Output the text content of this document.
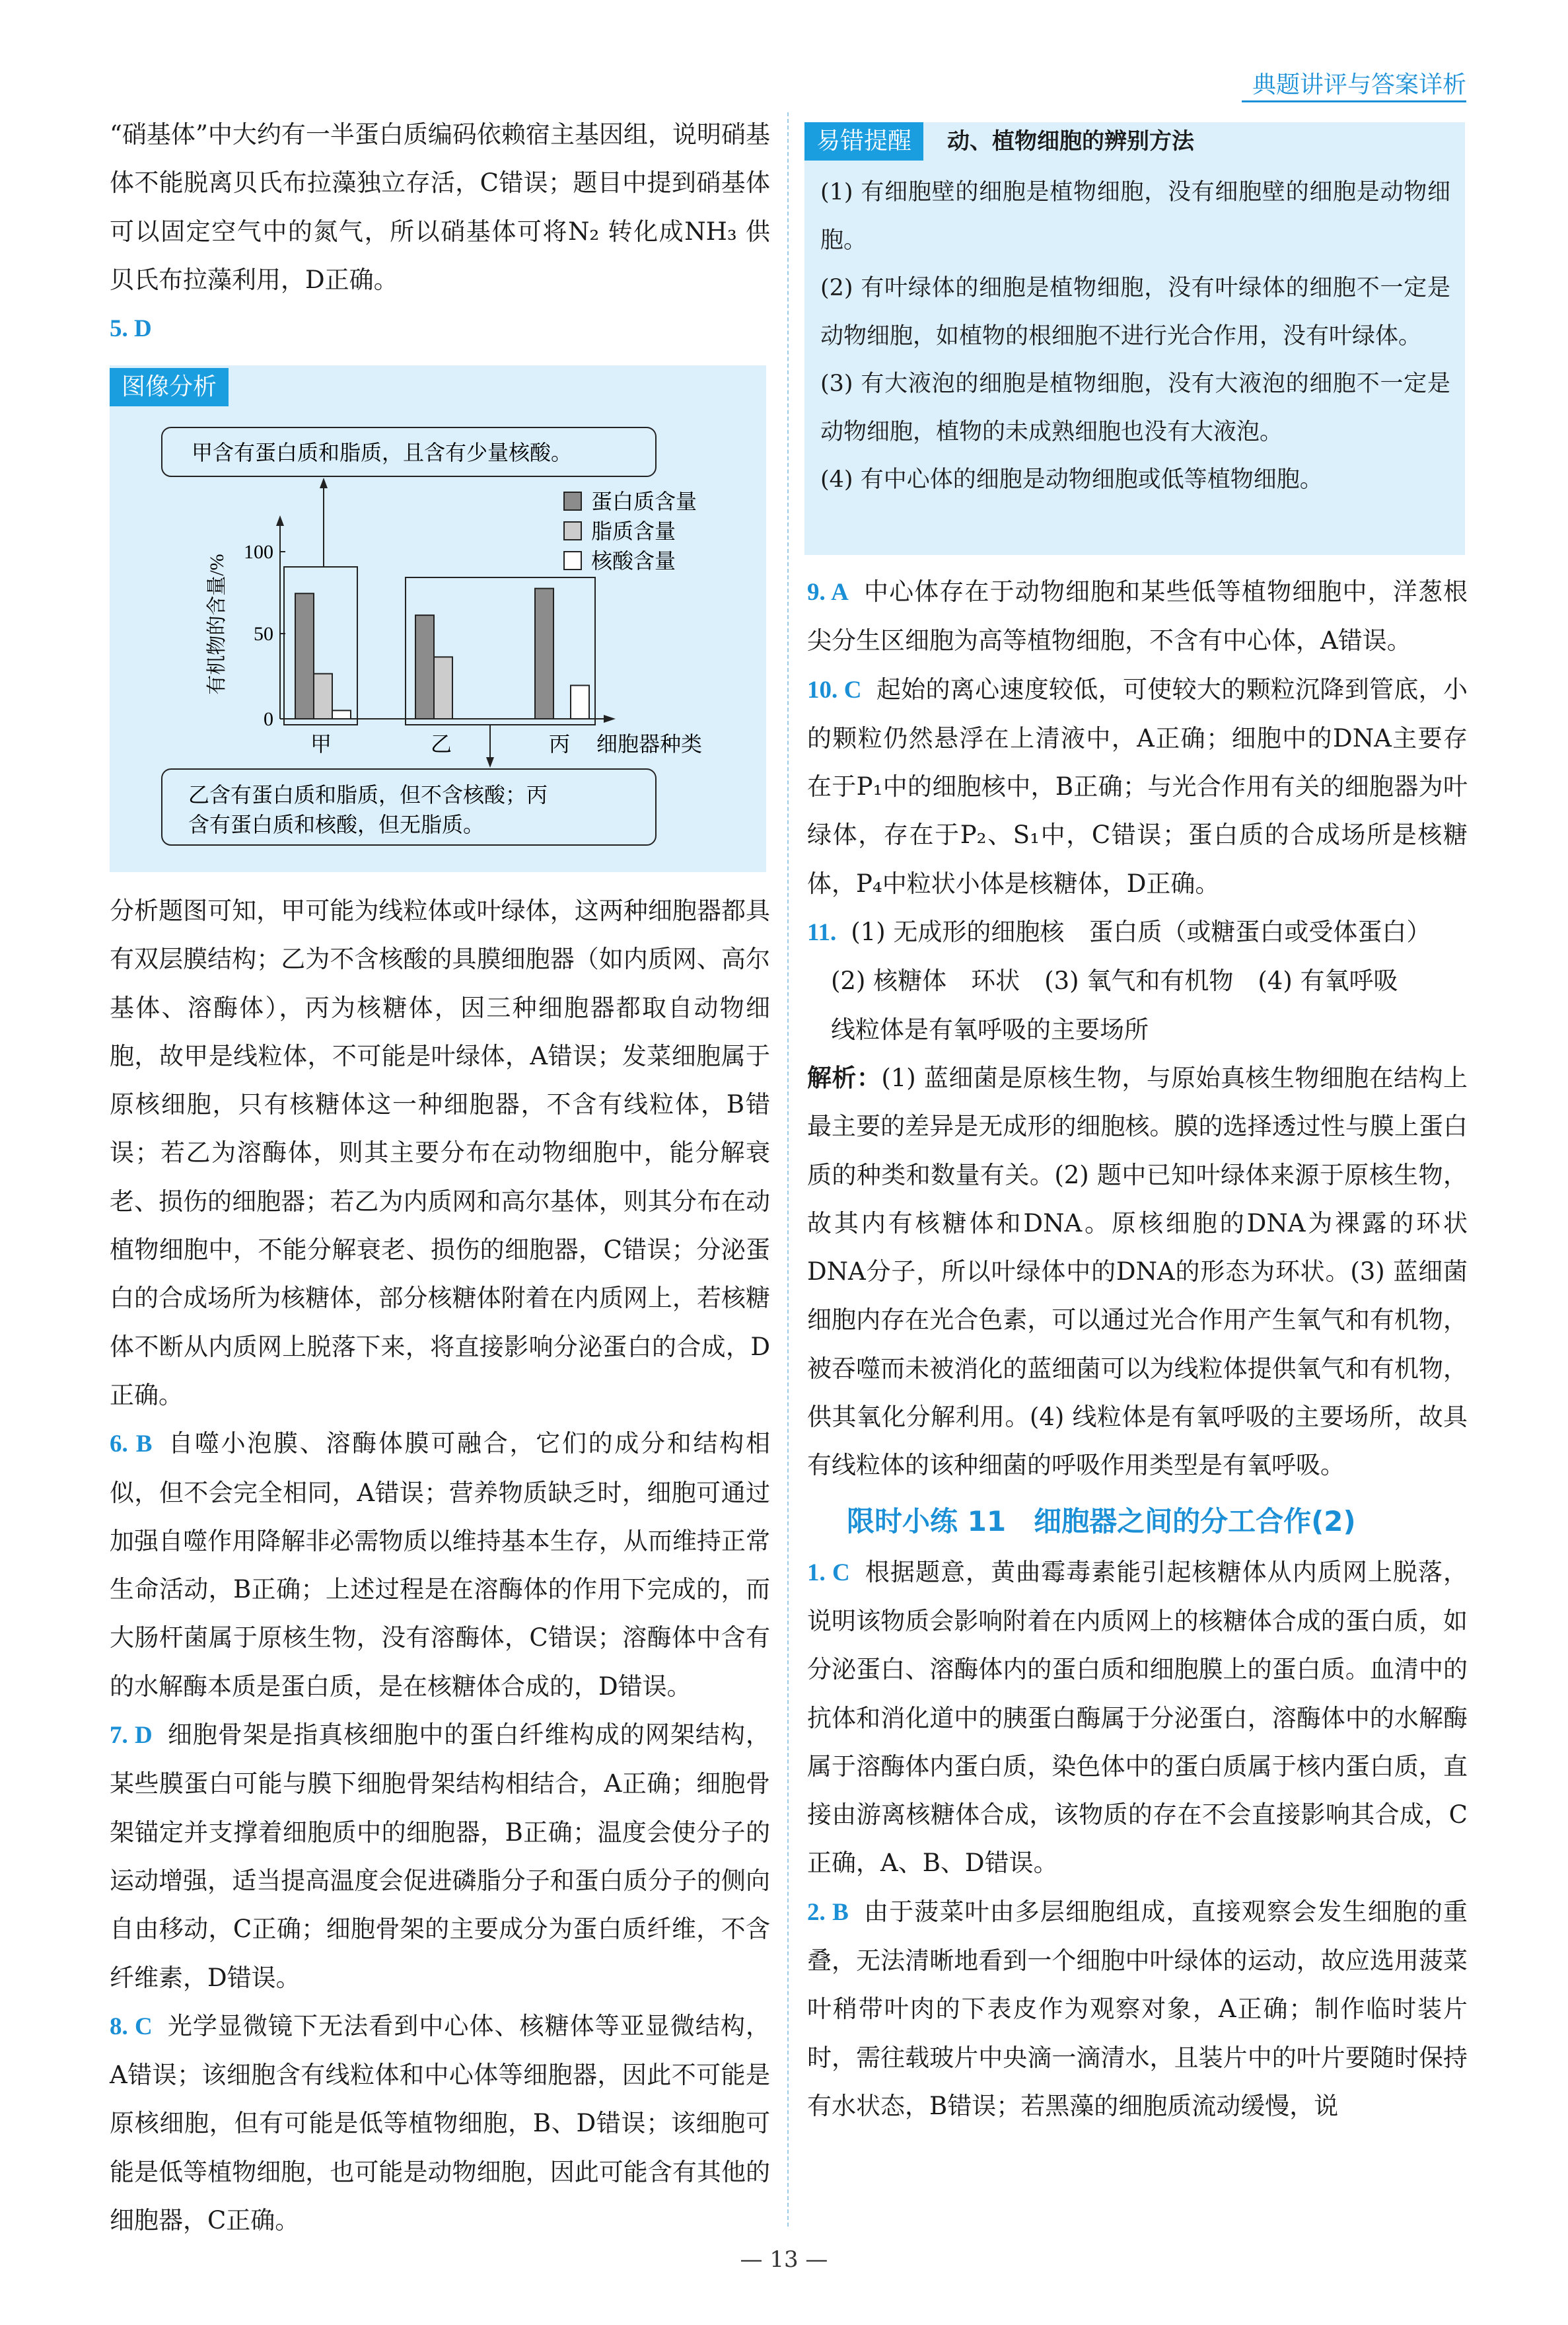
典题讲评与答案详析

“硝基体”中大约有一半蛋白质编码依赖宿主基因组，说明硝基体不能脱离贝氏布拉藻独立存活，C错误；题目中提到硝基体可以固定空气中的氮气，所以硝基体可将N₂ 转化成NH₃ 供贝氏布拉藻利用，D正确。

5. D

图像分析
甲含有蛋白质和脂质，且含有少量核酸。
0
50
100
有机物的含量/%
甲	乙	丙 细胞器种类
蛋白质含量
脂质含量
核酸含量
乙含有蛋白质和脂质，但不含核酸；丙
含有蛋白质和核酸，但无脂质。

分析题图可知，甲可能为线粒体或叶绿体，这两种细胞器都具有双层膜结构；乙为不含核酸的具膜细胞器（如内质网、高尔基体、溶酶体），丙为核糖体，因三种细胞器都取自动物细胞，故甲是线粒体，不可能是叶绿体，A错误；发菜细胞属于原核细胞，只有核糖体这一种细胞器，不含有线粒体，B错误；若乙为溶酶体，则其主要分布在动物细胞中，能分解衰老、损伤的细胞器；若乙为内质网和高尔基体，则其分布在动植物细胞中，不能分解衰老、损伤的细胞器，C错误；分泌蛋白的合成场所为核糖体，部分核糖体附着在内质网上，若核糖体不断从内质网上脱落下来，将直接影响分泌蛋白的合成，D正确。

6. B 自噬小泡膜、溶酶体膜可融合，它们的成分和结构相似，但不会完全相同，A错误；营养物质缺乏时，细胞可通过加强自噬作用降解非必需物质以维持基本生存，从而维持正常生命活动，B正确；上述过程是在溶酶体的作用下完成的，而大肠杆菌属于原核生物，没有溶酶体，C错误；溶酶体中含有的水解酶本质是蛋白质，是在核糖体合成的，D错误。

7. D 细胞骨架是指真核细胞中的蛋白纤维构成的网架结构，某些膜蛋白可能与膜下细胞骨架结构相结合，A正确；细胞骨架锚定并支撑着细胞质中的细胞器，B正确；温度会使分子的运动增强，适当提高温度会促进磷脂分子和蛋白质分子的侧向自由移动，C正确；细胞骨架的主要成分为蛋白质纤维，不含纤维素，D错误。

8. C 光学显微镜下无法看到中心体、核糖体等亚显微结构，A错误；该细胞含有线粒体和中心体等细胞器，因此不可能是原核细胞，但有可能是低等植物细胞，B、D错误；该细胞可能是低等植物细胞，也可能是动物细胞，因此可能含有其他的细胞器，C正确。

易错提醒 动、植物细胞的辨别方法
(1) 有细胞壁的细胞是植物细胞，没有细胞壁的细胞是动物细胞。
(2) 有叶绿体的细胞是植物细胞，没有叶绿体的细胞不一定是动物细胞，如植物的根细胞不进行光合作用，没有叶绿体。
(3) 有大液泡的细胞是植物细胞，没有大液泡的细胞不一定是动物细胞，植物的未成熟细胞也没有大液泡。
(4) 有中心体的细胞是动物细胞或低等植物细胞。

9. A 中心体存在于动物细胞和某些低等植物细胞中，洋葱根尖分生区细胞为高等植物细胞，不含有中心体，A错误。

10. C 起始的离心速度较低，可使较大的颗粒沉降到管底，小的颗粒仍然悬浮在上清液中，A正确；细胞中的DNA主要存在于P₁中的细胞核中，B正确；与光合作用有关的细胞器为叶绿体，存在于P₂、S₁中，C错误；蛋白质的合成场所是核糖体，P₄中粒状小体是核糖体，D正确。

11. (1) 无成形的细胞核　蛋白质（或糖蛋白或受体蛋白）

(2) 核糖体　环状　(3) 氧气和有机物　(4) 有氧呼吸

线粒体是有氧呼吸的主要场所

解析：(1) 蓝细菌是原核生物，与原始真核生物细胞在结构上最主要的差异是无成形的细胞核。膜的选择透过性与膜上蛋白质的种类和数量有关。(2) 题中已知叶绿体来源于原核生物，故其内有核糖体和DNA。原核细胞的DNA为裸露的环状DNA分子，所以叶绿体中的DNA的形态为环状。(3) 蓝细菌细胞内存在光合色素，可以通过光合作用产生氧气和有机物，被吞噬而未被消化的蓝细菌可以为线粒体提供氧气和有机物，供其氧化分解利用。(4) 线粒体是有氧呼吸的主要场所，故具有线粒体的该种细菌的呼吸作用类型是有氧呼吸。

限时小练 11　细胞器之间的分工合作(2)

1. C 根据题意，黄曲霉毒素能引起核糖体从内质网上脱落，说明该物质会影响附着在内质网上的核糖体合成的蛋白质，如分泌蛋白、溶酶体内的蛋白质和细胞膜上的蛋白质。血清中的抗体和消化道中的胰蛋白酶属于分泌蛋白，溶酶体中的水解酶属于溶酶体内蛋白质，染色体中的蛋白质属于核内蛋白质，直接由游离核糖体合成，该物质的存在不会直接影响其合成，C正确，A、B、D错误。

2. B 由于菠菜叶由多层细胞组成，直接观察会发生细胞的重叠，无法清晰地看到一个细胞中叶绿体的运动，故应选用菠菜叶稍带叶肉的下表皮作为观察对象，A正确；制作临时装片时，需往载玻片中央滴一滴清水，且装片中的叶片要随时保持有水状态，B错误；若黑藻的细胞质流动缓慢，说

— 13 —
